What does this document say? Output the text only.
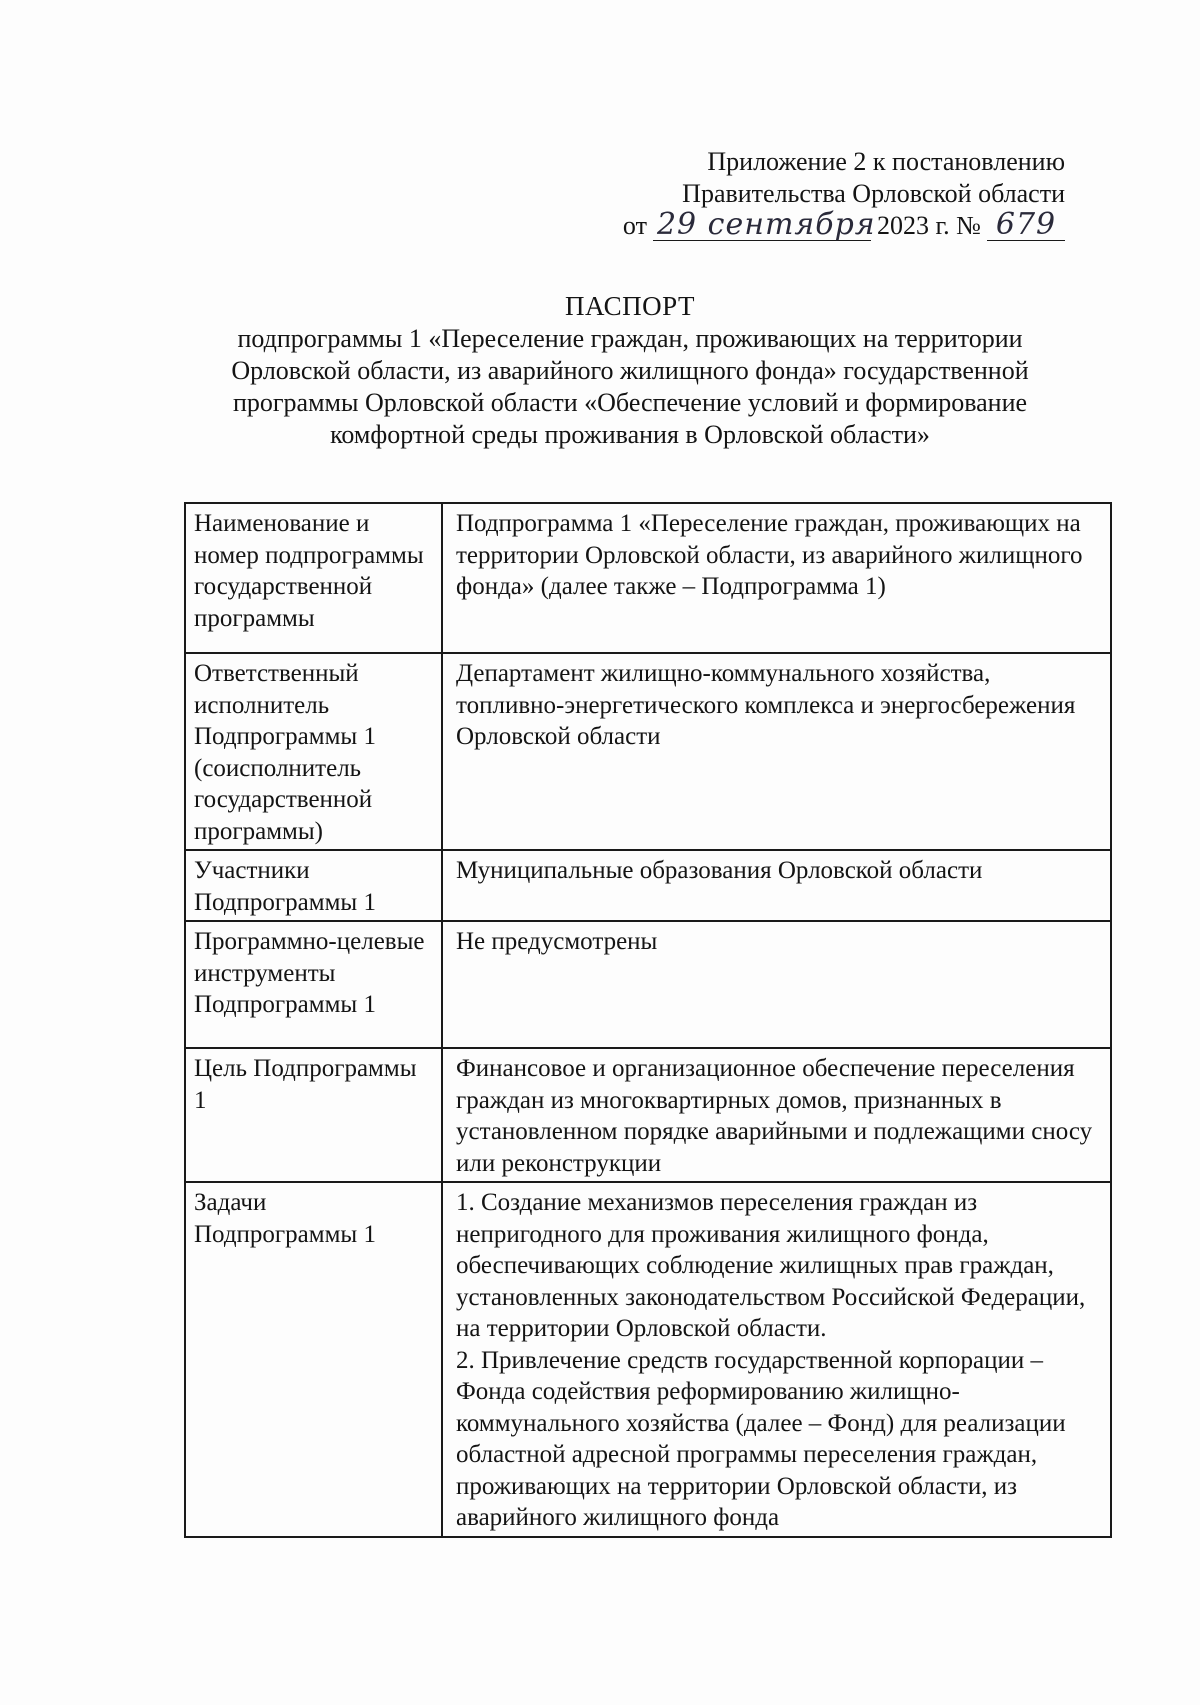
Приложение 2 к постановлению
Правительства Орловской области
от 29 сентября 2023 г. № 679
ПАСПОРТ
подпрограммы 1 «Переселение граждан, проживающих на территории
Орловской области, из аварийного жилищного фонда» государственной
программы Орловской области «Обеспечение условий и формирование
комфортной среды проживания в Орловской области»
Наименование и номер подпрограммы государственной программы	Подпрограмма 1 «Переселение граждан, проживающих на территории Орловской области, из аварийного жилищного фонда» (далее также – Подпрограмма 1)

Ответственный исполнитель Подпрограммы 1 (соисполнитель государственной программы)	Департамент жилищно-коммунального хозяйства, топливно-энергетического комплекса и энергосбережения Орловской области

Участники Подпрограммы 1	Муниципальные образования Орловской области

Программно-целевые инструменты Подпрограммы 1	Не предусмотрены

Цель Подпрограммы 1	Финансовое и организационное обеспечение переселения граждан из многоквартирных домов, признанных в установленном порядке аварийными и подлежащими сносу или реконструкции

Задачи Подпрограммы 1	1. Создание механизмов переселения граждан из непригодного для проживания жилищного фонда, обеспечивающих соблюдение жилищных прав граждан, установленных законодательством Российской Федерации, на территории Орловской области.
2. Привлечение средств государственной корпорации – Фонда содействия реформированию жилищно-коммунального хозяйства (далее – Фонд) для реализации областной адресной программы переселения граждан, проживающих на территории Орловской области, из аварийного жилищного фонда
